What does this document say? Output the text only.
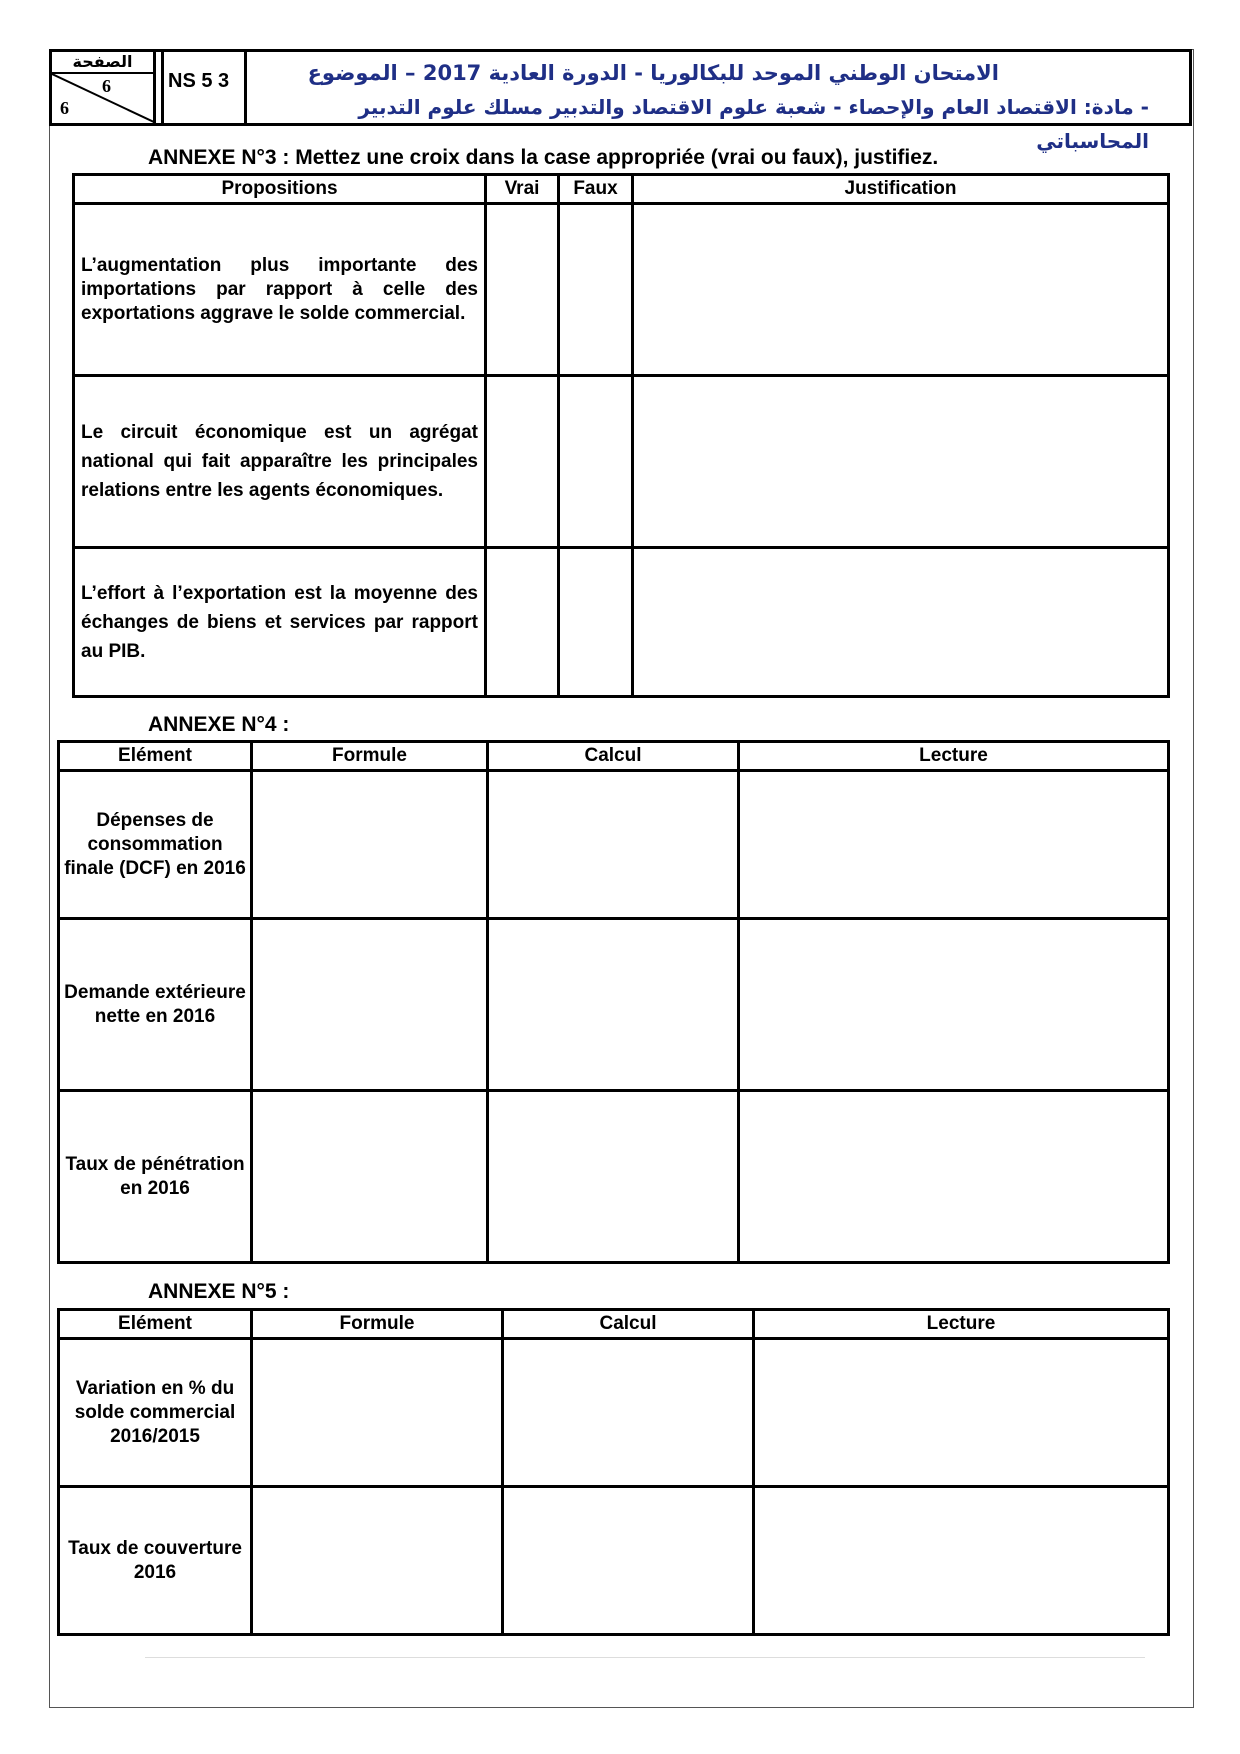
الصفحة
6
6
NS 5 3	الامتحان الوطني الموحد للبكالوريا - الدورة العادية 2017 – الموضوع
- مادة: الاقتصاد العام والإحصاء - شعبة علوم الاقتصاد والتدبير مسلك علوم التدبير المحاسباتي
ANNEXE N°3 : Mettez une croix dans la case appropriée (vrai ou faux), justifiez.
Propositions	Vrai	Faux	Justification
L’augmentation plus importante des importations par rapport à celle des exportations aggrave le solde commercial.			
Le circuit économique est un agrégat national qui fait apparaître les principales relations entre les agents économiques.			
L’effort à l’exportation est la moyenne des échanges de biens et services par rapport au PIB.			
ANNEXE N°4 :
Elément	Formule	Calcul	Lecture
Dépenses de consommation finale (DCF) en 2016			
Demande extérieure nette en 2016			
Taux de pénétration en 2016			
ANNEXE N°5 :
Elément	Formule	Calcul	Lecture
Variation en % du solde commercial 2016/2015			
Taux de couverture 2016			
